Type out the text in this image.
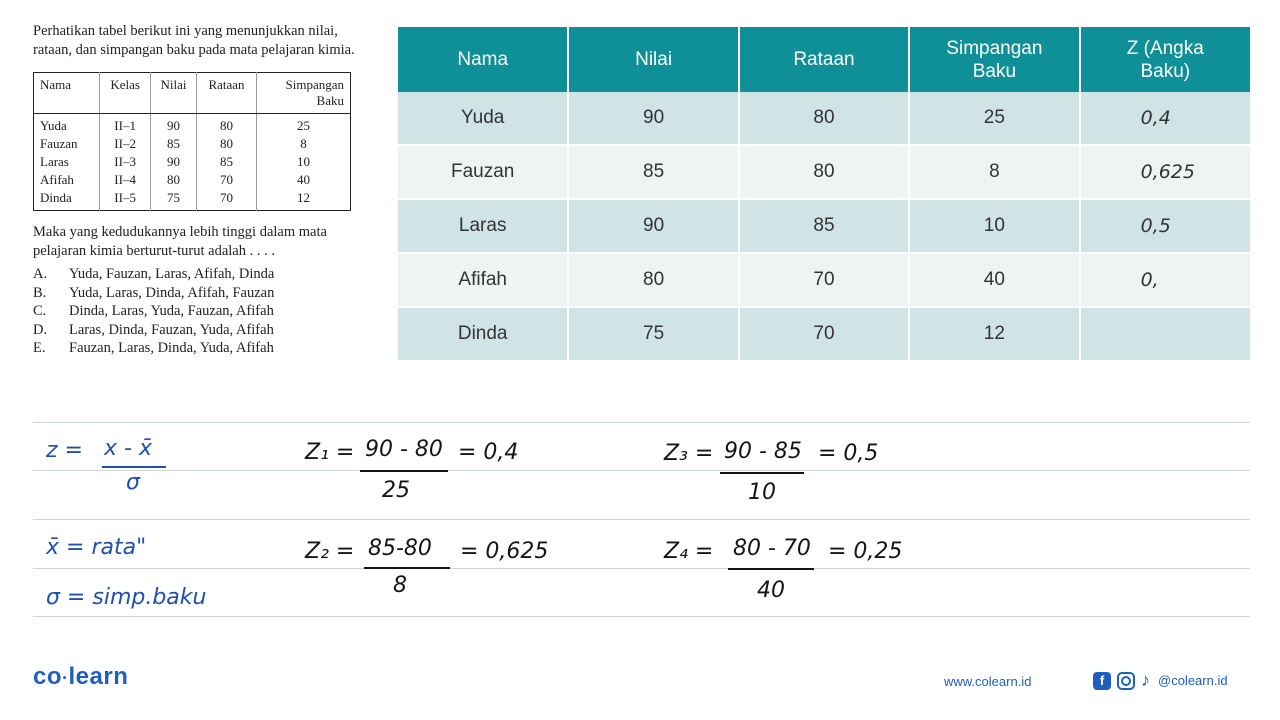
Perhatikan tabel berikut ini yang menunjukkan nilai, rataan, dan simpangan baku pada mata pelajaran kimia.

Nama	Kelas	Nilai	Rataan	Simpangan Baku
Yuda	II–1	90	80	25
Fauzan	II–2	85	80	8
Laras	II–3	90	85	10
Afifah	II–4	80	70	40
Dinda	II–5	75	70	12

Maka yang kedudukannya lebih tinggi dalam mata pelajaran kimia berturut-turut adalah . . . .

A.	Yuda, Fauzan, Laras, Afifah, Dinda
B.	Yuda, Laras, Dinda, Afifah, Fauzan
C.	Dinda, Laras, Yuda, Fauzan, Afifah
D.	Laras, Dinda, Fauzan, Yuda, Afifah
E.	Fauzan, Laras, Dinda, Yuda, Afifah
Nama	Nilai	Rataan	Simpangan Baku	Z (Angka Baku)
Yuda	90	80	25	0,4
Fauzan	85	80	8	0,625
Laras	90	85	10	0,5
Afifah	80	70	40	0,
Dinda	75	70	12	
z = x - x̄
σ
x̄ = rata"
σ = simp.baku
Z₁ = 90 - 80
25
= 0,4
Z₂ = 85-80
8
= 0,625
Z₃ = 90 - 85
10
= 0,5
Z₄ = 80 - 70
40
= 0,25
co·learn	www.colearn.id	f	♪ @colearn.id
